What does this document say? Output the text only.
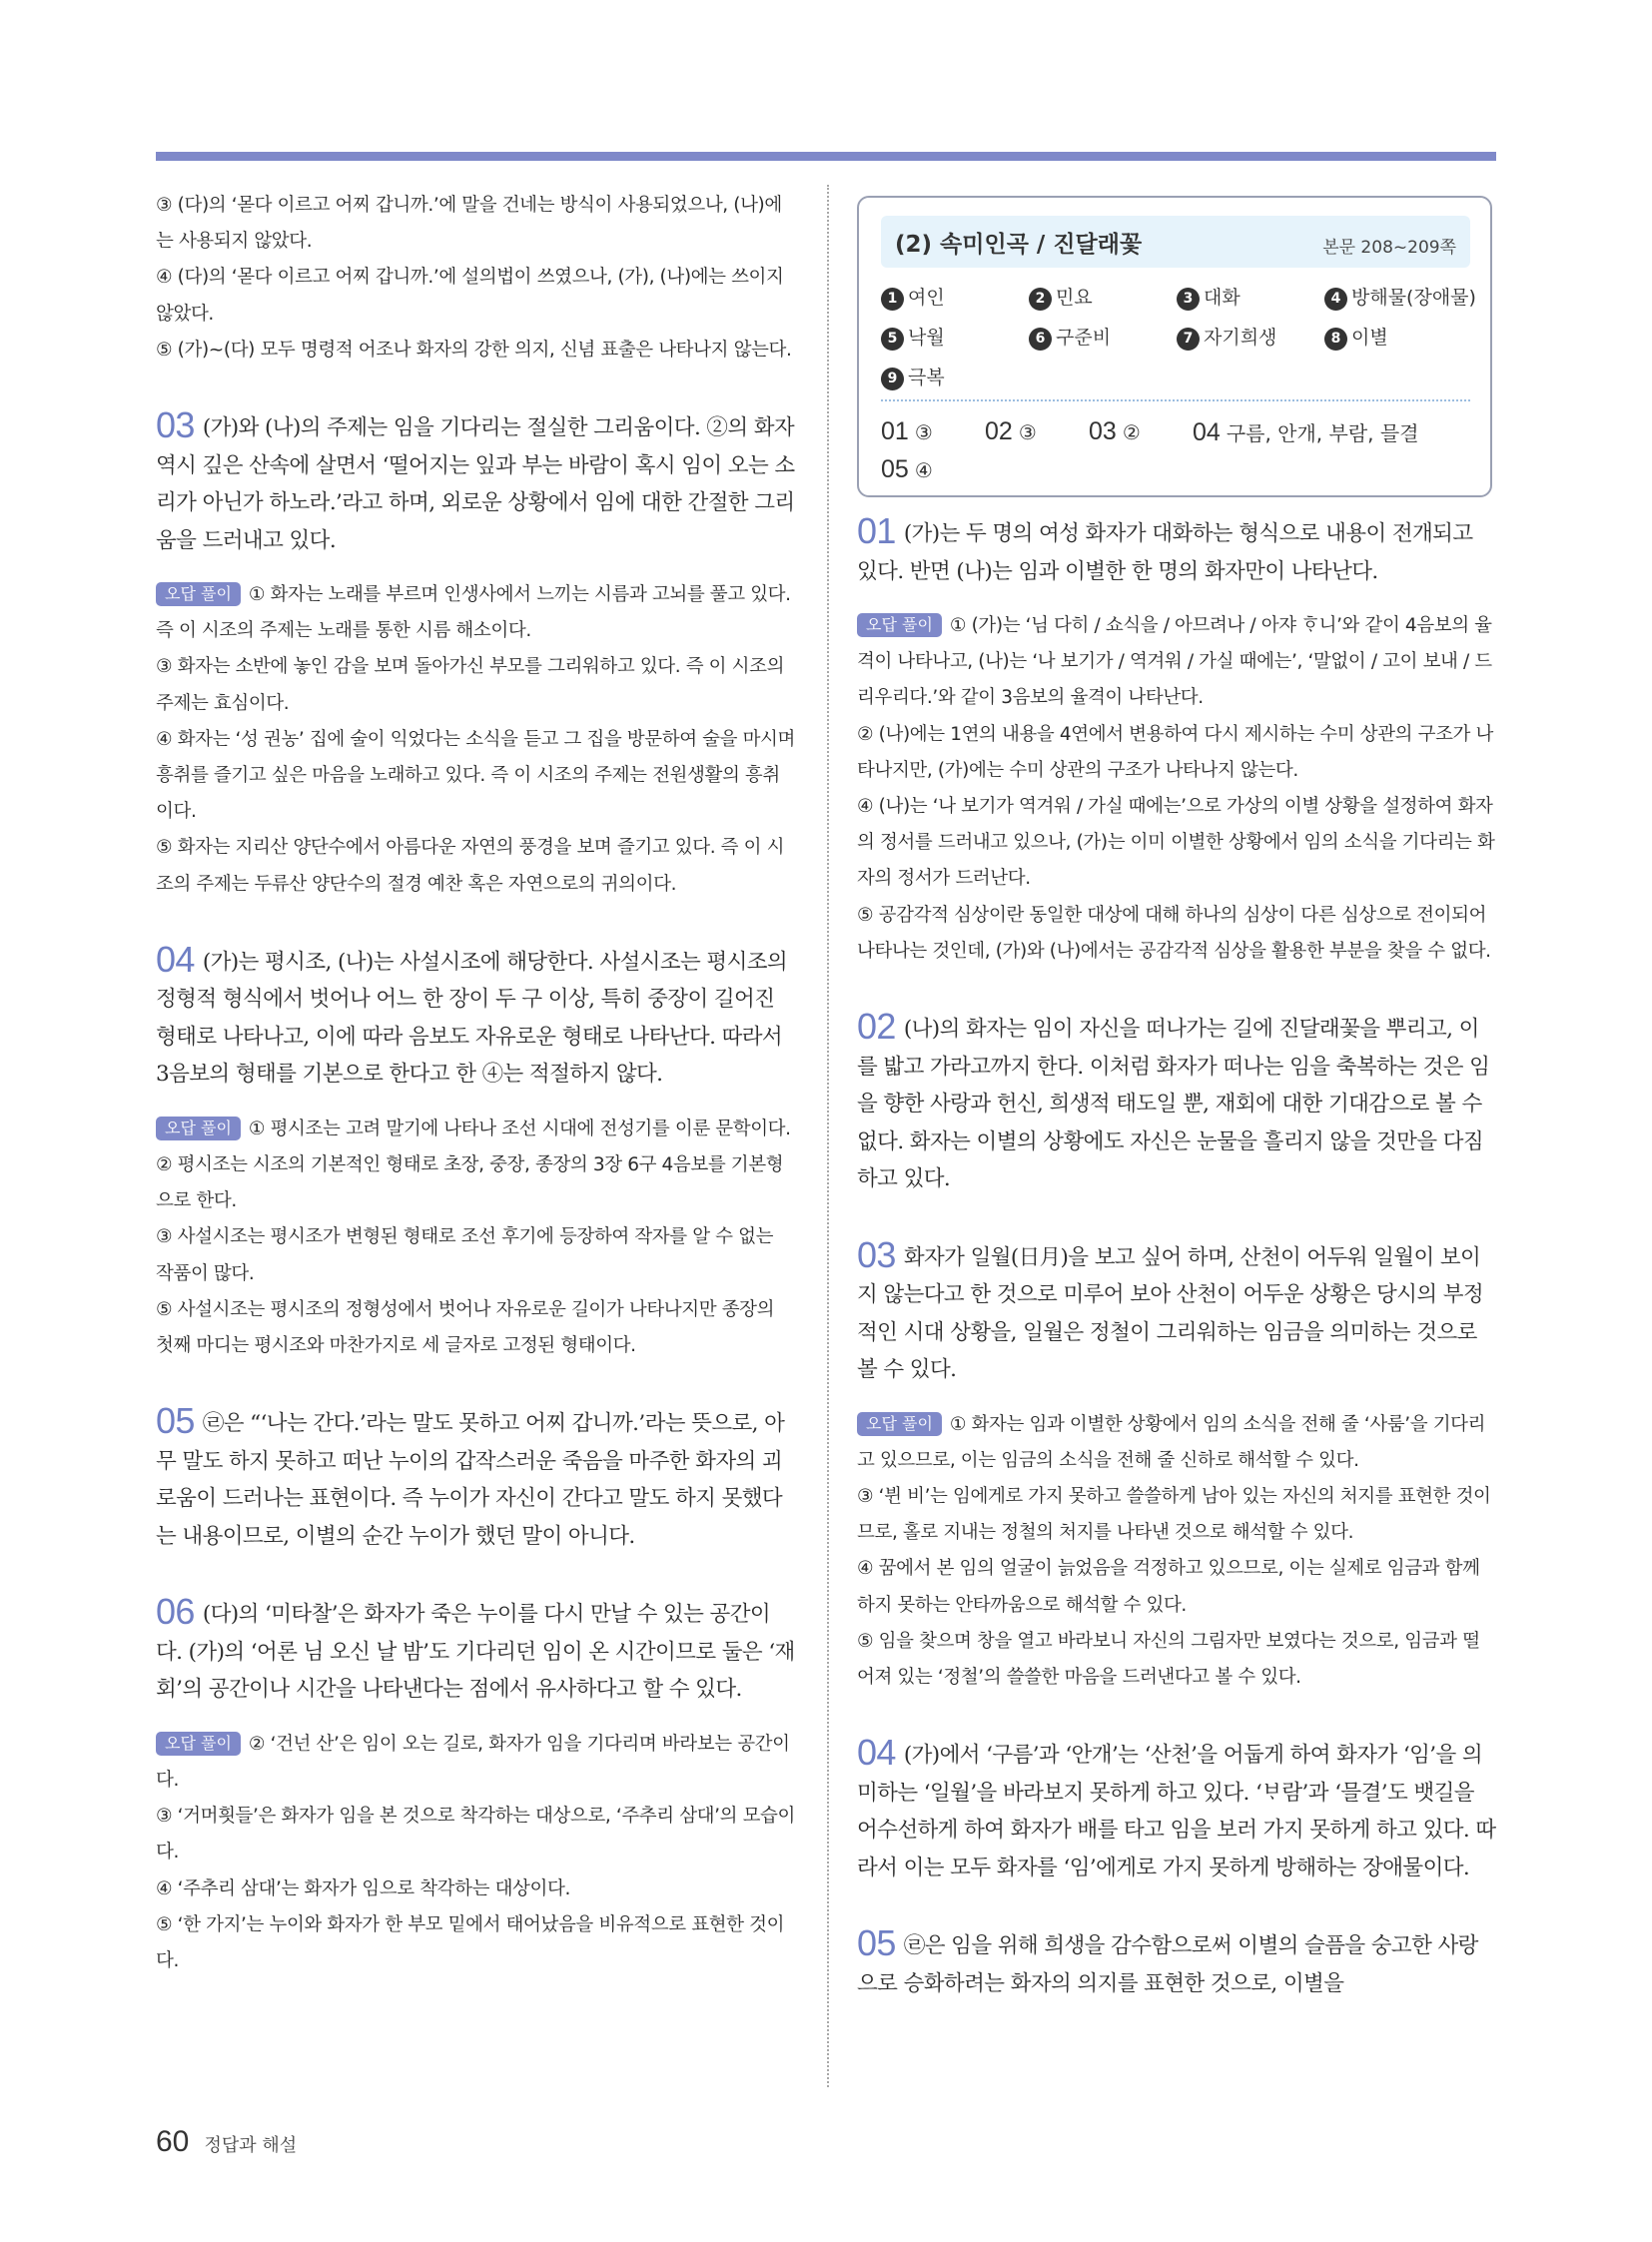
③ (다)의 ‘몯다 이르고 어찌 갑니까.’에 말을 건네는 방식이 사용되었으나, (나)에는 사용되지 않았다.

④ (다)의 ‘몯다 이르고 어찌 갑니까.’에 설의법이 쓰였으나, (가), (나)에는 쓰이지 않았다.

⑤ (가)~(다) 모두 명령적 어조나 화자의 강한 의지, 신념 표출은 나타나지 않는다.

03 (가)와 (나)의 주제는 임을 기다리는 절실한 그리움이다. ②의 화자 역시 깊은 산속에 살면서 ‘떨어지는 잎과 부는 바람이 혹시 임이 오는 소리가 아닌가 하노라.’라고 하며, 외로운 상황에서 임에 대한 간절한 그리움을 드러내고 있다.

오답 풀이 ① 화자는 노래를 부르며 인생사에서 느끼는 시름과 고뇌를 풀고 있다. 즉 이 시조의 주제는 노래를 통한 시름 해소이다.

③ 화자는 소반에 놓인 감을 보며 돌아가신 부모를 그리워하고 있다. 즉 이 시조의 주제는 효심이다.

④ 화자는 ‘성 권농’ 집에 술이 익었다는 소식을 듣고 그 집을 방문하여 술을 마시며 흥취를 즐기고 싶은 마음을 노래하고 있다. 즉 이 시조의 주제는 전원생활의 흥취이다.

⑤ 화자는 지리산 양단수에서 아름다운 자연의 풍경을 보며 즐기고 있다. 즉 이 시조의 주제는 두류산 양단수의 절경 예찬 혹은 자연으로의 귀의이다.

04 (가)는 평시조, (나)는 사설시조에 해당한다. 사설시조는 평시조의 정형적 형식에서 벗어나 어느 한 장이 두 구 이상, 특히 중장이 길어진 형태로 나타나고, 이에 따라 음보도 자유로운 형태로 나타난다. 따라서 3음보의 형태를 기본으로 한다고 한 ④는 적절하지 않다.

오답 풀이 ① 평시조는 고려 말기에 나타나 조선 시대에 전성기를 이룬 문학이다.

② 평시조는 시조의 기본적인 형태로 초장, 중장, 종장의 3장 6구 4음보를 기본형으로 한다.

③ 사설시조는 평시조가 변형된 형태로 조선 후기에 등장하여 작자를 알 수 없는 작품이 많다.

⑤ 사설시조는 평시조의 정형성에서 벗어나 자유로운 길이가 나타나지만 종장의 첫째 마디는 평시조와 마찬가지로 세 글자로 고정된 형태이다.

05 ㉣은 “‘나는 간다.’라는 말도 못하고 어찌 갑니까.’라는 뜻으로, 아무 말도 하지 못하고 떠난 누이의 갑작스러운 죽음을 마주한 화자의 괴로움이 드러나는 표현이다. 즉 누이가 자신이 간다고 말도 하지 못했다는 내용이므로, 이별의 순간 누이가 했던 말이 아니다.

06 (다)의 ‘미타찰’은 화자가 죽은 누이를 다시 만날 수 있는 공간이다. (가)의 ‘어론 님 오신 날 밤’도 기다리던 임이 온 시간이므로 둘은 ‘재회’의 공간이나 시간을 나타낸다는 점에서 유사하다고 할 수 있다.

오답 풀이 ② ‘건넌 산’은 임이 오는 길로, 화자가 임을 기다리며 바라보는 공간이다.

③ ‘거머흿들’은 화자가 임을 본 것으로 착각하는 대상으로, ‘주추리 삼대’의 모습이다.

④ ‘주추리 삼대’는 화자가 임으로 착각하는 대상이다.

⑤ ‘한 가지’는 누이와 화자가 한 부모 밑에서 태어났음을 비유적으로 표현한 것이다.

(2) 속미인곡 / 진달래꽃	본문 208~209쪽
1 여인	2 민요	3 대화	4 방해물(장애물)
5 낙월	6 구준비	7 자기희생	8 이별
9 극복
01 ③ 02 ③ 03 ② 04 구름, 안개, 부람, 믈결
05 ④

01 (가)는 두 명의 여성 화자가 대화하는 형식으로 내용이 전개되고 있다. 반면 (나)는 임과 이별한 한 명의 화자만이 나타난다.

오답 풀이 ① (가)는 ‘님 다히 / 쇼식을 / 아므려나 / 아쟈 ᄒᆞ니’와 같이 4음보의 율격이 나타나고, (나)는 ‘나 보기가 / 역겨워 / 가실 때에는’, ‘말없이 / 고이 보내 / 드리우리다.’와 같이 3음보의 율격이 나타난다.

② (나)에는 1연의 내용을 4연에서 변용하여 다시 제시하는 수미 상관의 구조가 나타나지만, (가)에는 수미 상관의 구조가 나타나지 않는다.

④ (나)는 ‘나 보기가 역겨워 / 가실 때에는’으로 가상의 이별 상황을 설정하여 화자의 정서를 드러내고 있으나, (가)는 이미 이별한 상황에서 임의 소식을 기다리는 화자의 정서가 드러난다.

⑤ 공감각적 심상이란 동일한 대상에 대해 하나의 심상이 다른 심상으로 전이되어 나타나는 것인데, (가)와 (나)에서는 공감각적 심상을 활용한 부분을 찾을 수 없다.

02 (나)의 화자는 임이 자신을 떠나가는 길에 진달래꽃을 뿌리고, 이를 밟고 가라고까지 한다. 이처럼 화자가 떠나는 임을 축복하는 것은 임을 향한 사랑과 헌신, 희생적 태도일 뿐, 재회에 대한 기대감으로 볼 수 없다. 화자는 이별의 상황에도 자신은 눈물을 흘리지 않을 것만을 다짐하고 있다.

03 화자가 일월(日月)을 보고 싶어 하며, 산천이 어두워 일월이 보이지 않는다고 한 것으로 미루어 보아 산천이 어두운 상황은 당시의 부정적인 시대 상황을, 일월은 정철이 그리워하는 임금을 의미하는 것으로 볼 수 있다.

오답 풀이 ① 화자는 임과 이별한 상황에서 임의 소식을 전해 줄 ‘사룸’을 기다리고 있으므로, 이는 임금의 소식을 전해 줄 신하로 해석할 수 있다.

③ ‘뷘 비’는 임에게로 가지 못하고 쓸쓸하게 남아 있는 자신의 처지를 표현한 것이므로, 홀로 지내는 정철의 처지를 나타낸 것으로 해석할 수 있다.

④ 꿈에서 본 임의 얼굴이 늙었음을 걱정하고 있으므로, 이는 실제로 임금과 함께 하지 못하는 안타까움으로 해석할 수 있다.

⑤ 임을 찾으며 창을 열고 바라보니 자신의 그림자만 보였다는 것으로, 임금과 떨어져 있는 ‘정철’의 쓸쓸한 마음을 드러낸다고 볼 수 있다.

04 (가)에서 ‘구름’과 ‘안개’는 ‘산천’을 어둡게 하여 화자가 ‘임’을 의미하는 ‘일월’을 바라보지 못하게 하고 있다. ‘ᄇᆞ람’과 ‘믈결’도 뱃길을 어수선하게 하여 화자가 배를 타고 임을 보러 가지 못하게 하고 있다. 따라서 이는 모두 화자를 ‘임’에게로 가지 못하게 방해하는 장애물이다.

05 ㉣은 임을 위해 희생을 감수함으로써 이별의 슬픔을 숭고한 사랑으로 승화하려는 화자의 의지를 표현한 것으로, 이별을

60 정답과 해설
